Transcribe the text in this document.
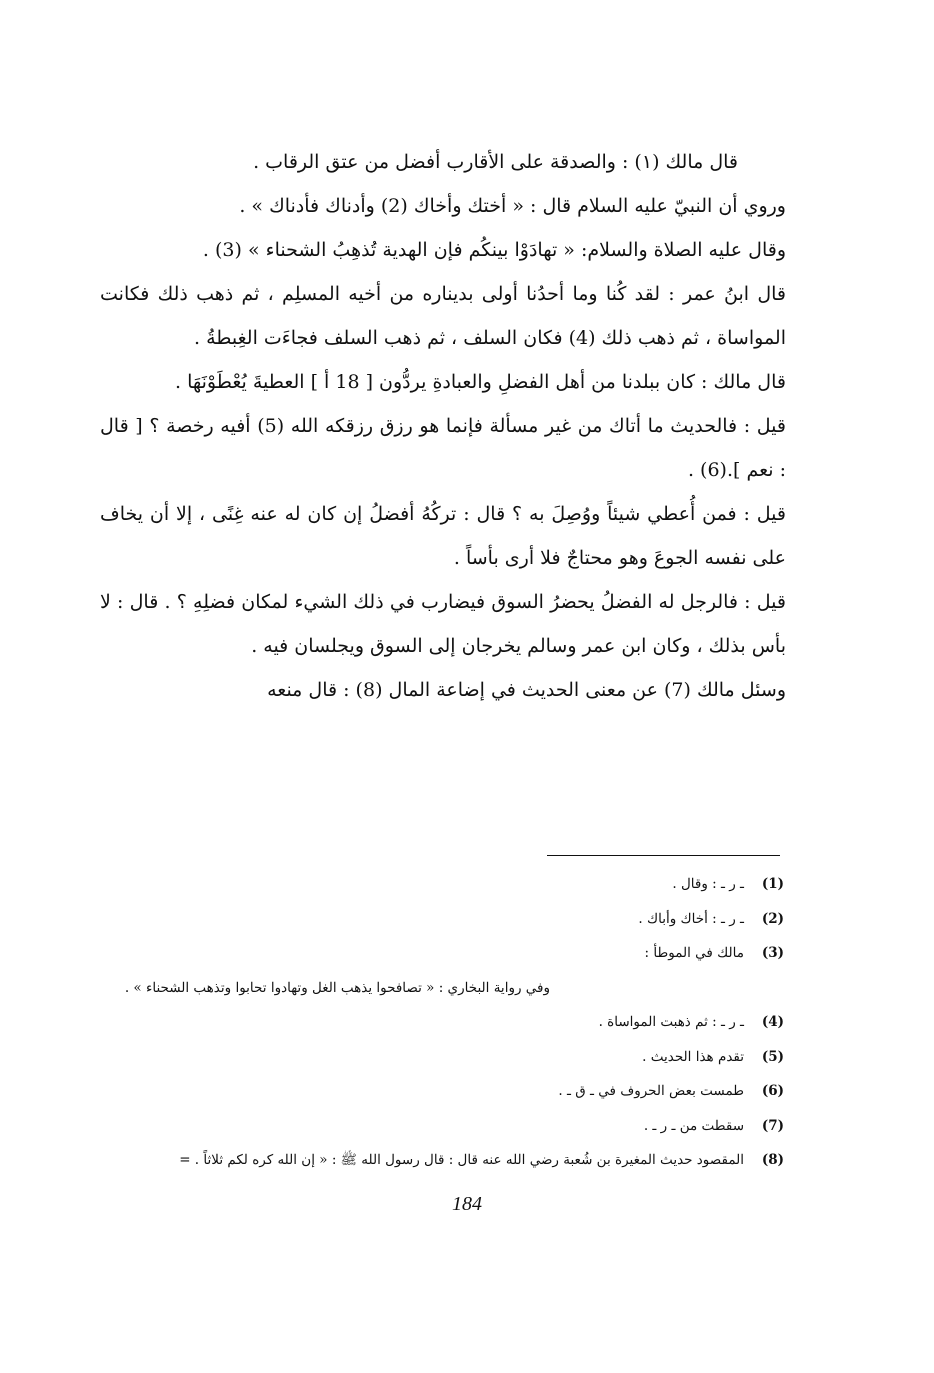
قال مالك (١) : والصدقة على الأقارب أفضل من عتق الرقاب .

وروي أن النبيّ عليه السلام قال : « أختك وأخاك (2) وأدناك فأدناك » .

وقال عليه الصلاة والسلام: « تهادَوْا بينكُم فإن الهدية تُذهِبُ الشحناء » (3) .

قال ابنُ عمر : لقد كُنا وما أحدُنا أولى بديناره من أخيه المسلِم ، ثم ذهب ذلك فكانت المواساة ، ثم ذهب ذلك (4) فكان السلف ، ثم ذهب السلف فجاءَت الغِبطةُ .

قال مالك : كان ببلدنا من أهل الفضلِ والعبادةِ يردُّون [ 18 أ ] العطيةَ يُعْطَوْنَهَا .

قيل : فالحديث ما أتاك من غير مسألة فإنما هو رزق رزقكه الله (5) أفيه رخصة ؟ [ قال : نعم ].(6) .

قيل : فمن أُعطي شيئاً ووُصِلَ به ؟ قال : تركُهُ أفضلُ إن كان له عنه غِنًى ، إلا أن يخاف على نفسه الجوعَ وهو محتاجٌ فلا أرى بأساً .

قيل : فالرجل له الفضلُ يحضرُ السوق فيضارب في ذلك الشيء لمكان فضلِهِ ؟ . قال : لا بأس بذلك ، وكان ابن عمر وسالم يخرجان إلى السوق ويجلسان فيه .

وسئل مالك (7) عن معنى الحديث في إضاعة المال (8) : قال منعه

(1)
ـ ر ـ : وقال .
(2)
ـ ر ـ : أخاك وأباك .
(3)
مالك في الموطأ :
وفي رواية البخاري : « تصافحوا يذهب الغل وتهادوا تحابوا وتذهب الشحناء » .
(4)
ـ ر ـ : ثم ذهبت المواساة .
(5)
تقدم هذا الحديث .
(6)
طمست بعض الحروف في ـ ق ـ .
(7)
سقطت من ـ ر ـ .
(8)
المقصود حديث المغيرة بن شُعبة رضي الله عنه قال : قال رسول الله ﷺ : « إن الله كره لكم ثلاثاً . =
184
